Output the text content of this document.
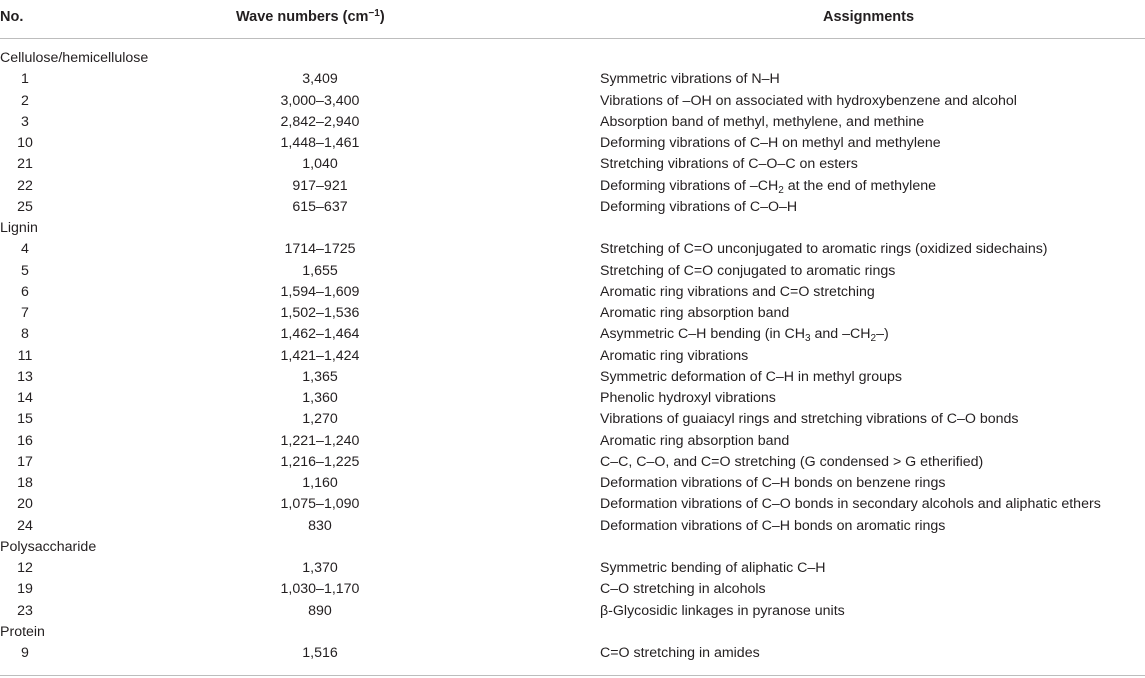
No.	Wave numbers $(cm^{-1})$	Assignments
Cellulose/hemicellulose
1	3,409	Symmetric vibrations of N–H
2	3,000–3,400	Vibrations of –OH on associated with hydroxybenzene and alcohol
3	2,842–2,940	Absorption band of methyl, methylene, and methine
10	1,448–1,461	Deforming vibrations of C–H on methyl and methylene
21	1,040	Stretching vibrations of C–O–C on esters
22	917–921	Deforming vibrations of $-CH_2$ at the end of methylene
25	615–637	Deforming vibrations of C–O–H
Lignin
4	1714–1725	Stretching of C=O unconjugated to aromatic rings (oxidized sidechains)
5	1,655	Stretching of C=O conjugated to aromatic rings
6	1,594–1,609	Aromatic ring vibrations and C=O stretching
7	1,502–1,536	Aromatic ring absorption band
8	1,462–1,464	Asymmetric C–H bending (in $CH_3$ and $-CH_2-$)
11	1,421–1,424	Aromatic ring vibrations
13	1,365	Symmetric deformation of C–H in methyl groups
14	1,360	Phenolic hydroxyl vibrations
15	1,270	Vibrations of guaiacyl rings and stretching vibrations of C–O bonds
16	1,221–1,240	Aromatic ring absorption band
17	1,216–1,225	C–C, C–O, and C=O stretching (G condensed > G etherified)
18	1,160	Deformation vibrations of C–H bonds on benzene rings
20	1,075–1,090	Deformation vibrations of C–O bonds in secondary alcohols and aliphatic ethers
24	830	Deformation vibrations of C–H bonds on aromatic rings
Polysaccharide
12	1,370	Symmetric bending of aliphatic C–H
19	1,030–1,170	C–O stretching in alcohols
23	890	β-Glycosidic linkages in pyranose units
Protein
9	1,516	C=O stretching in amides
